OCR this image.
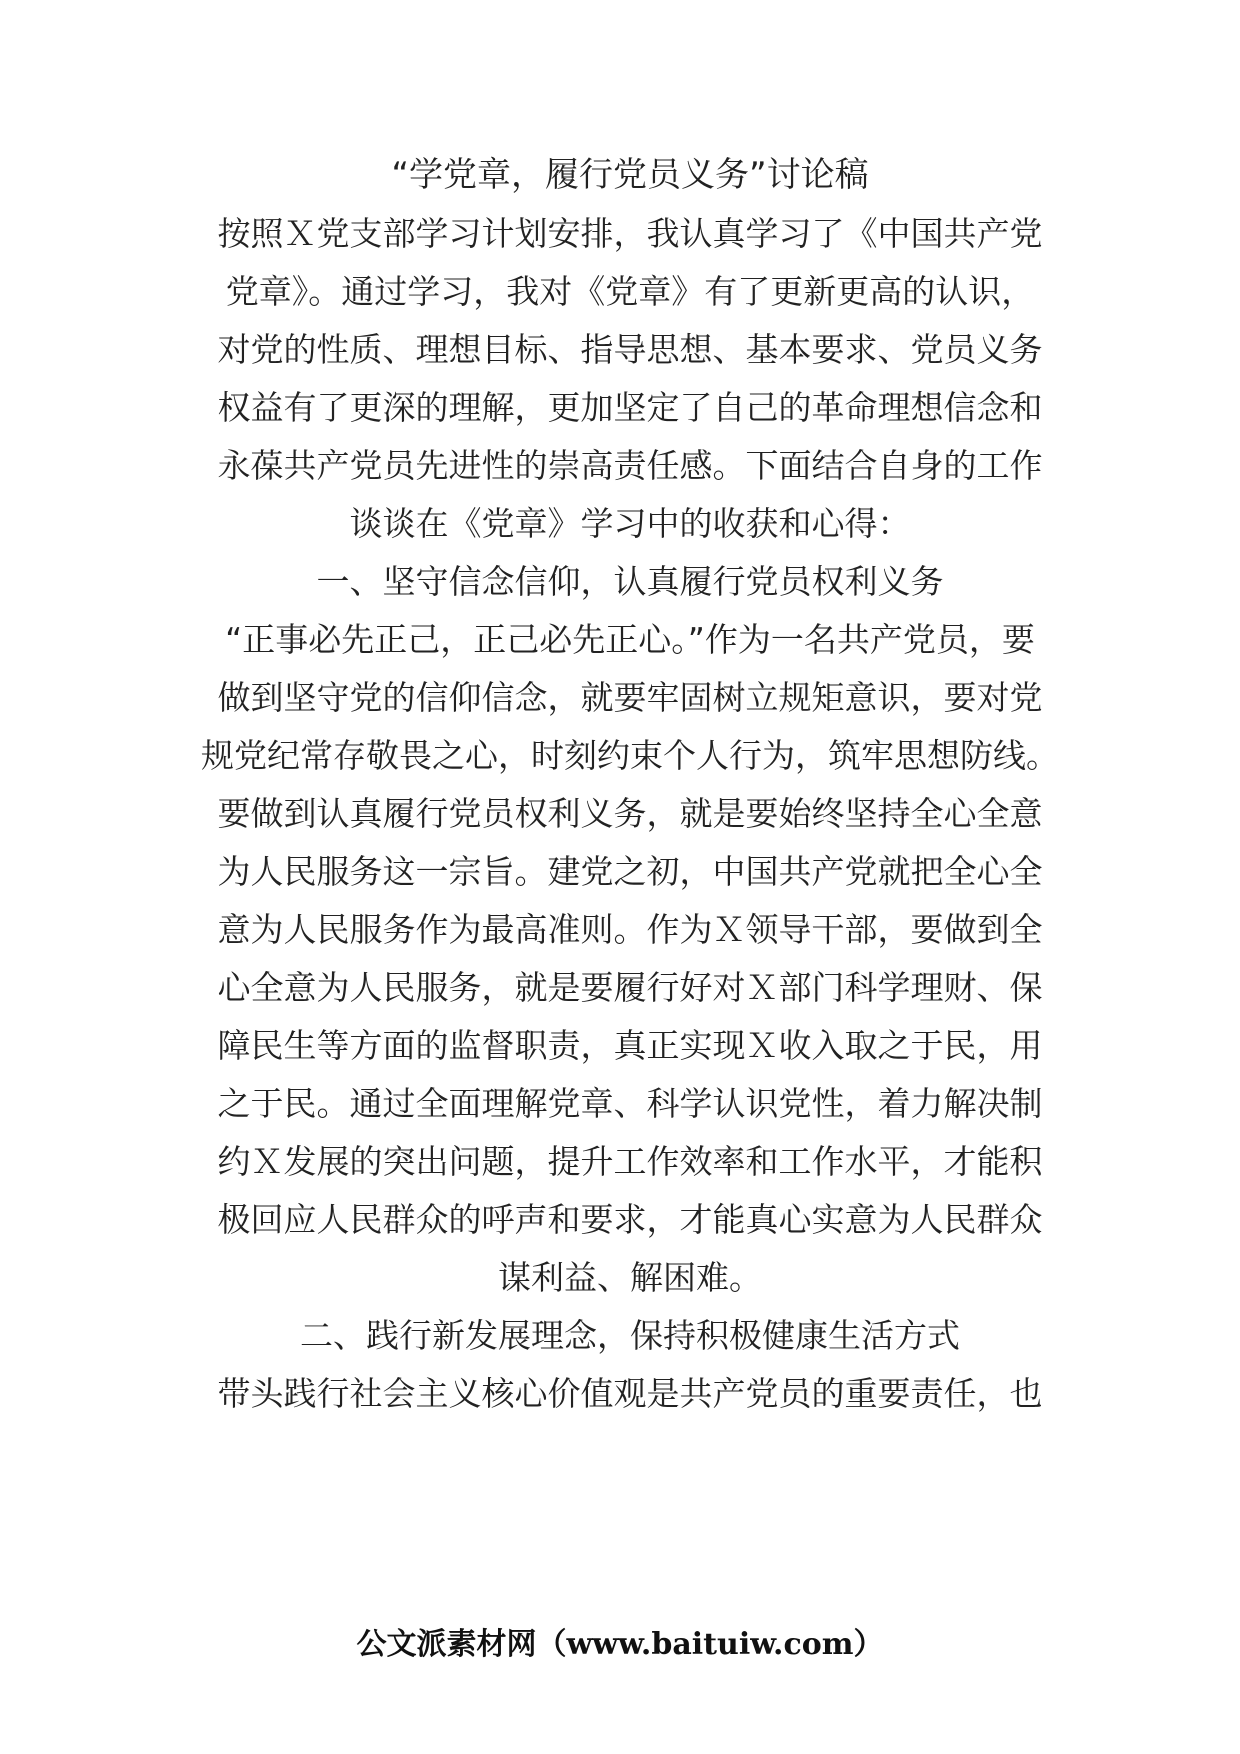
“学党章，履行党员义务”讨论稿
按照Ｘ党支部学习计划安排，我认真学习了《中国共产党
党章》。通过学习，我对《党章》有了更新更高的认识，
对党的性质、理想目标、指导思想、基本要求、党员义务
权益有了更深的理解，更加坚定了自己的革命理想信念和
永葆共产党员先进性的崇高责任感。下面结合自身的工作
谈谈在《党章》学习中的收获和心得：
一、坚守信念信仰，认真履行党员权利义务
“正事必先正己，正己必先正心。”作为一名共产党员，要
做到坚守党的信仰信念，就要牢固树立规矩意识，要对党
规党纪常存敬畏之心，时刻约束个人行为，筑牢思想防线。
要做到认真履行党员权利义务，就是要始终坚持全心全意
为人民服务这一宗旨。建党之初，中国共产党就把全心全
意为人民服务作为最高准则。作为Ｘ领导干部，要做到全
心全意为人民服务，就是要履行好对Ｘ部门科学理财、保
障民生等方面的监督职责，真正实现Ｘ收入取之于民，用
之于民。通过全面理解党章、科学认识党性，着力解决制
约Ｘ发展的突出问题，提升工作效率和工作水平，才能积
极回应人民群众的呼声和要求，才能真心实意为人民群众
谋利益、解困难。
二、践行新发展理念，保持积极健康生活方式
带头践行社会主义核心价值观是共产党员的重要责任，也
公文派素材网（www.baituiw.com）
